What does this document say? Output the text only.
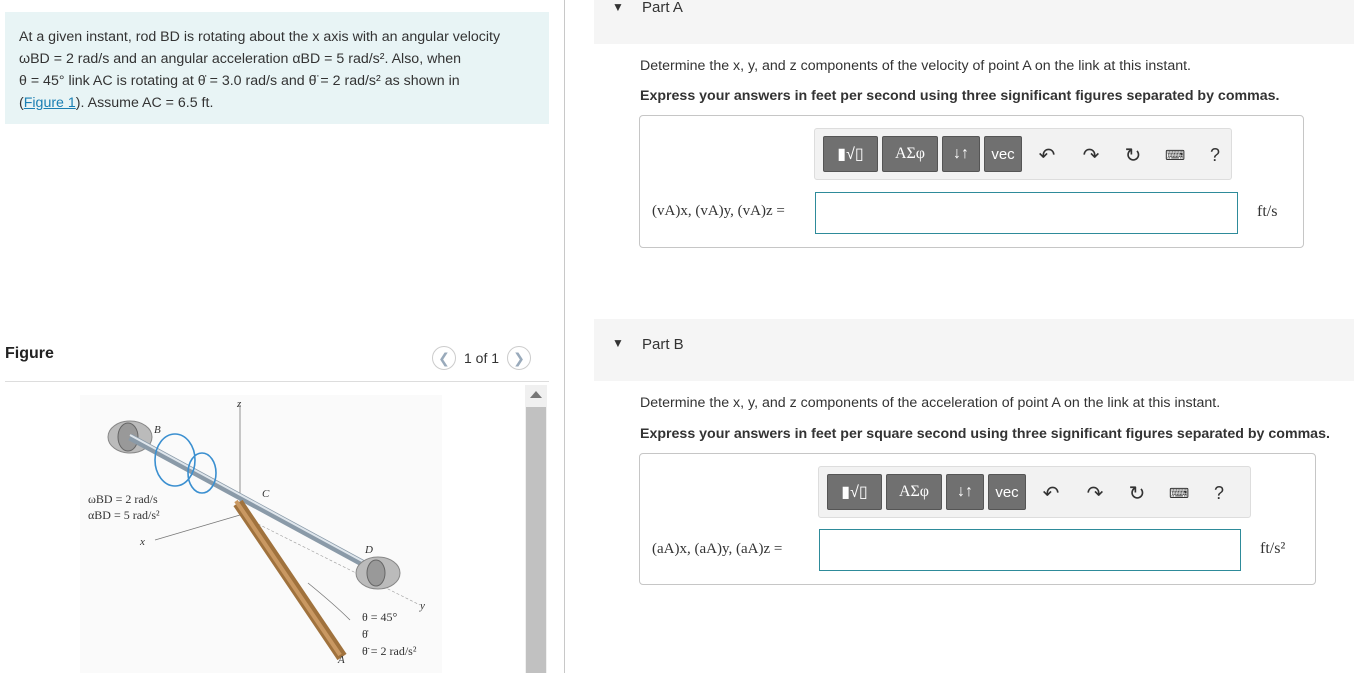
At a given instant, rod BD is rotating about the x axis with an angular velocity
ωBD = 2 rad/s and an angular acceleration αBD = 5 rad/s². Also, when
θ = 45° link AC is rotating at θ̇ = 3.0 rad/s and θ̈ = 2 rad/s² as shown in
(Figure 1). Assume AC = 6.5 ft.
Figure	❮ 1 of 1 ❯
z
x
y
B
C
D
A
ωBD = 2 rad/s
αBD = 5 rad/s²
θ = 45°
θ̇
θ̈ = 2 rad/s²
▼ Part A
Determine the x, y, and z components of the velocity of point A on the link at this instant.
Express your answers in feet per second using three significant figures separated by commas.
▮√▯ ΑΣφ ↓↑ vec ↶ ↷ ↻	⌨ ?
(vA)x, (vA)y, (vA)z =	ft/s
▼ Part B
Determine the x, y, and z components of the acceleration of point A on the link at this instant.
Express your answers in feet per square second using three significant figures separated by commas.
▮√▯ ΑΣφ ↓↑ vec ↶ ↷ ↻	⌨ ?
(aA)x, (aA)y, (aA)z =	ft/s²
